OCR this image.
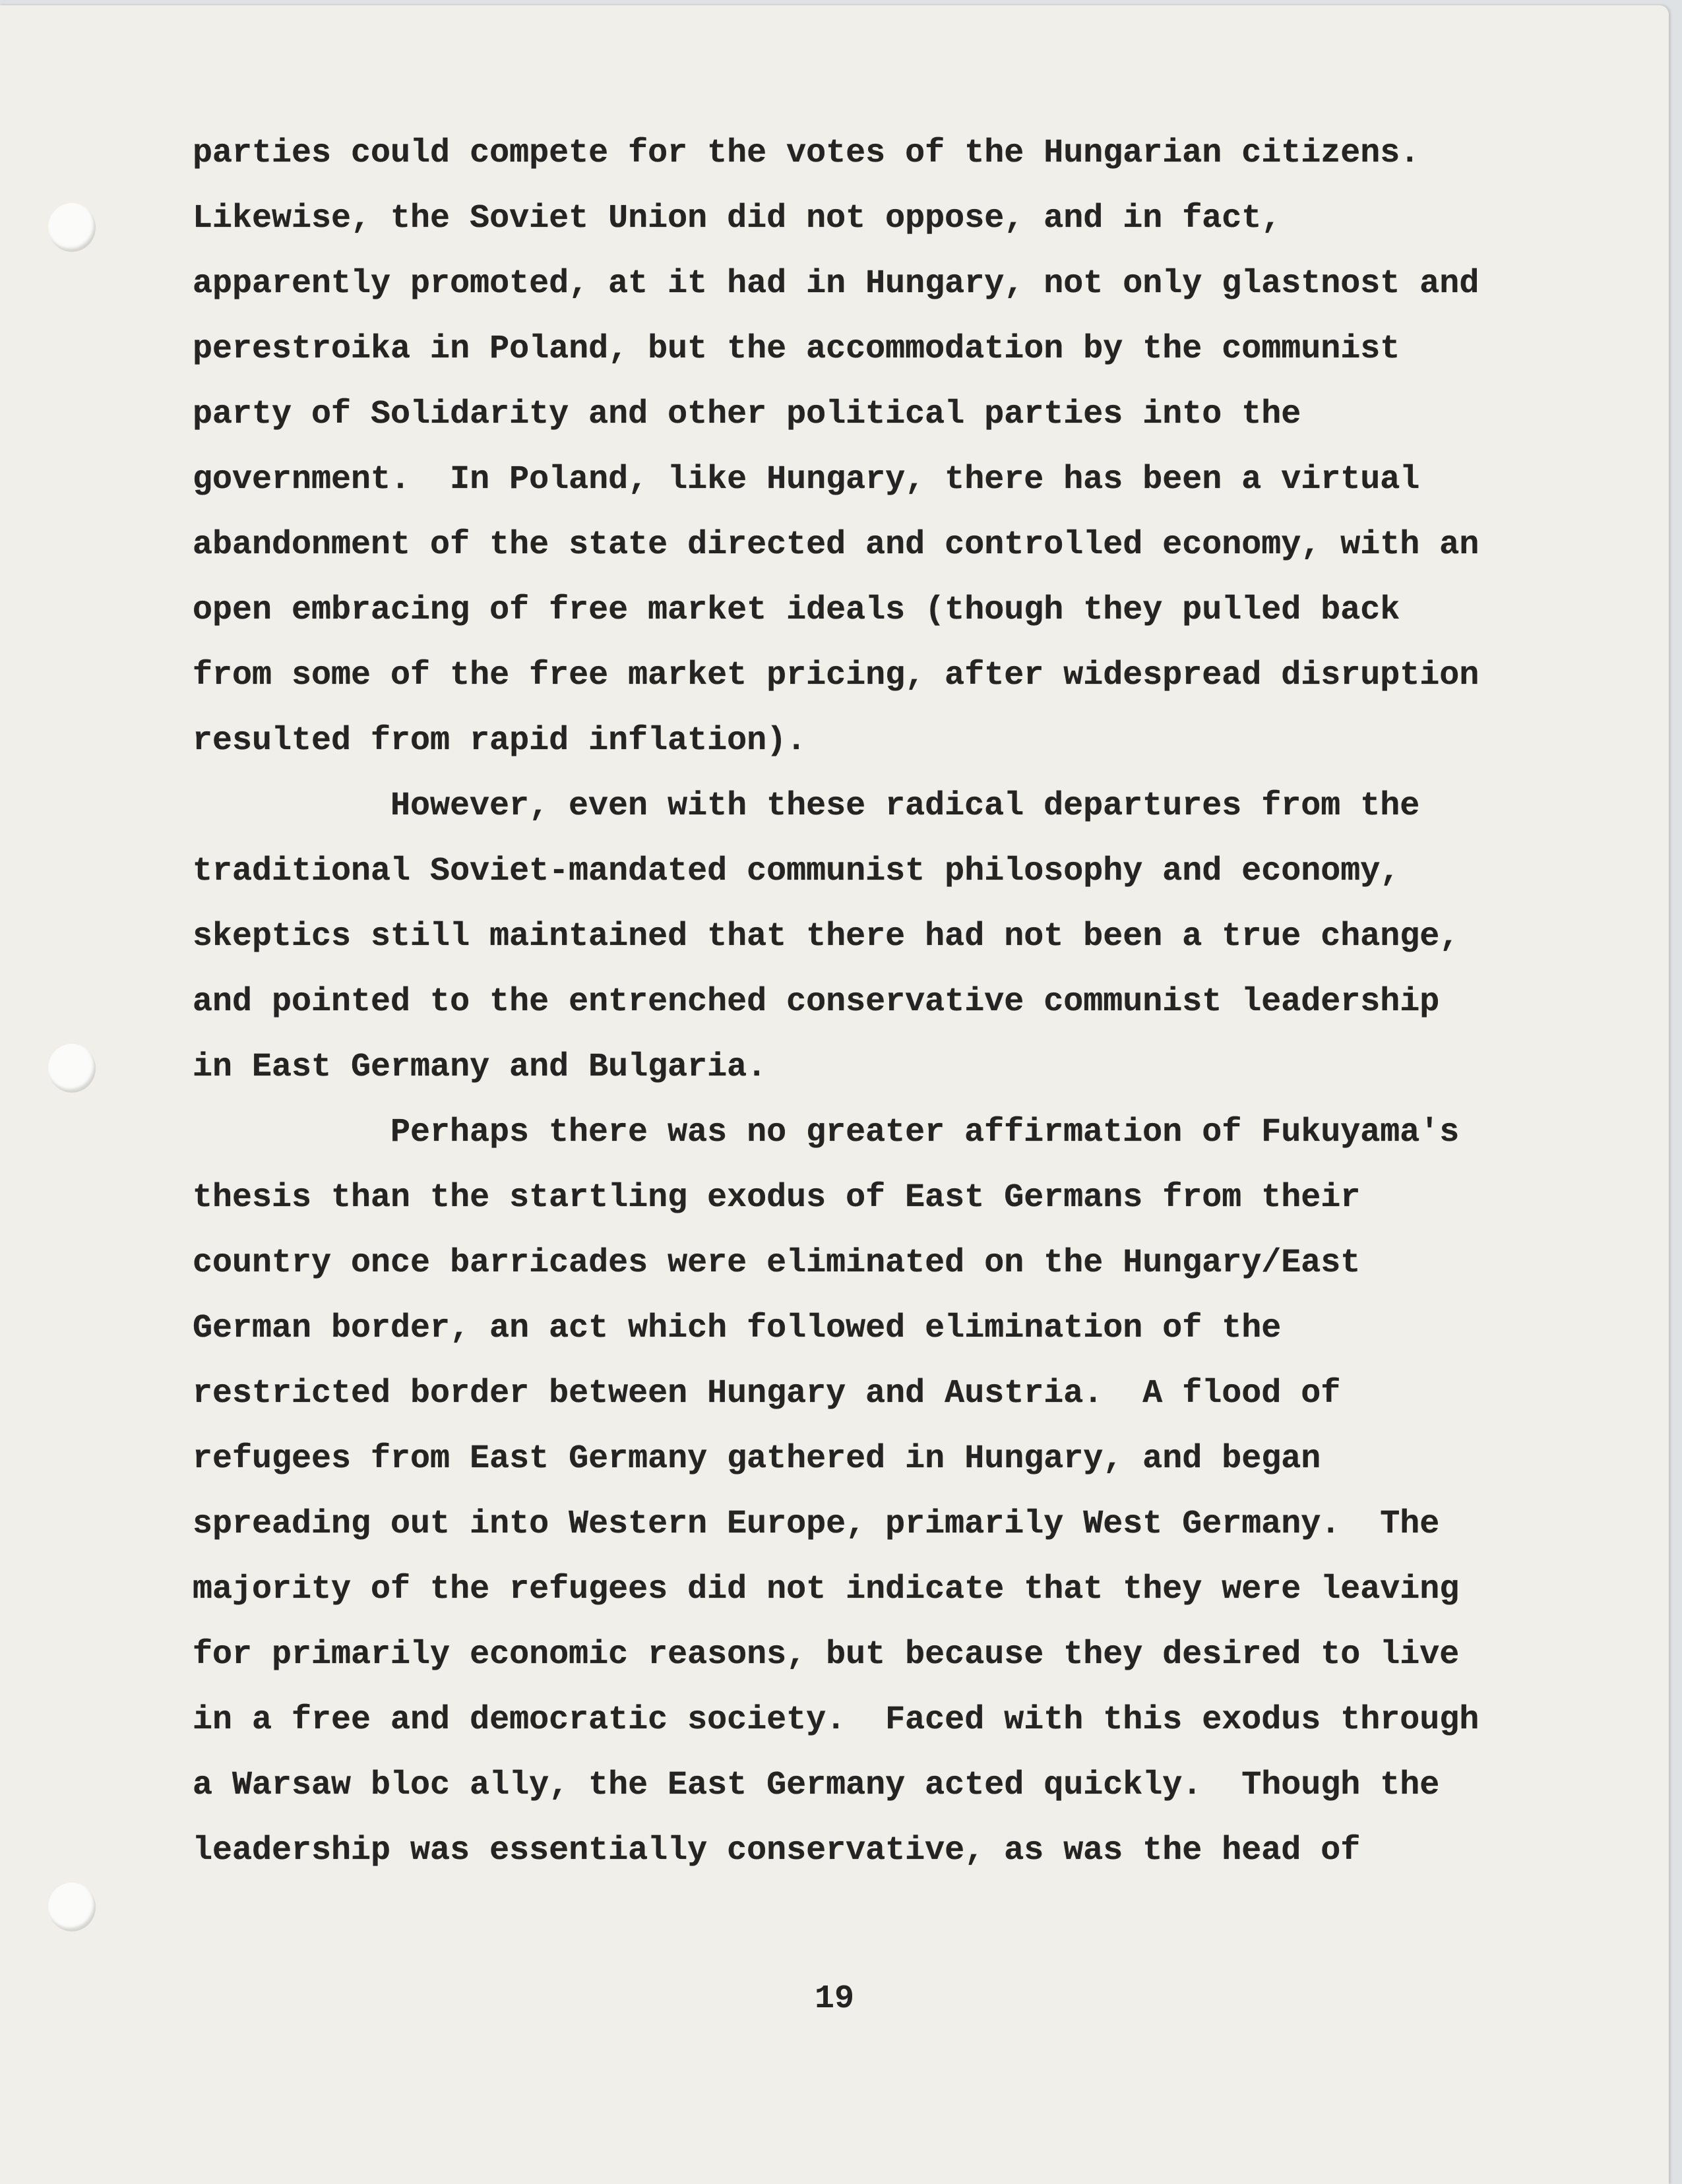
parties could compete for the votes of the Hungarian citizens.
Likewise, the Soviet Union did not oppose, and in fact,
apparently promoted, at it had in Hungary, not only glastnost and
perestroika in Poland, but the accommodation by the communist
party of Solidarity and other political parties into the
government.  In Poland, like Hungary, there has been a virtual
abandonment of the state directed and controlled economy, with an
open embracing of free market ideals (though they pulled back
from some of the free market pricing, after widespread disruption
resulted from rapid inflation).
However, even with these radical departures from the
traditional Soviet-mandated communist philosophy and economy,
skeptics still maintained that there had not been a true change,
and pointed to the entrenched conservative communist leadership
in East Germany and Bulgaria.
Perhaps there was no greater affirmation of Fukuyama's
thesis than the startling exodus of East Germans from their
country once barricades were eliminated on the Hungary/East
German border, an act which followed elimination of the
restricted border between Hungary and Austria.  A flood of
refugees from East Germany gathered in Hungary, and began
spreading out into Western Europe, primarily West Germany.  The
majority of the refugees did not indicate that they were leaving
for primarily economic reasons, but because they desired to live
in a free and democratic society.  Faced with this exodus through
a Warsaw bloc ally, the East Germany acted quickly.  Though the
leadership was essentially conservative, as was the head of
19
